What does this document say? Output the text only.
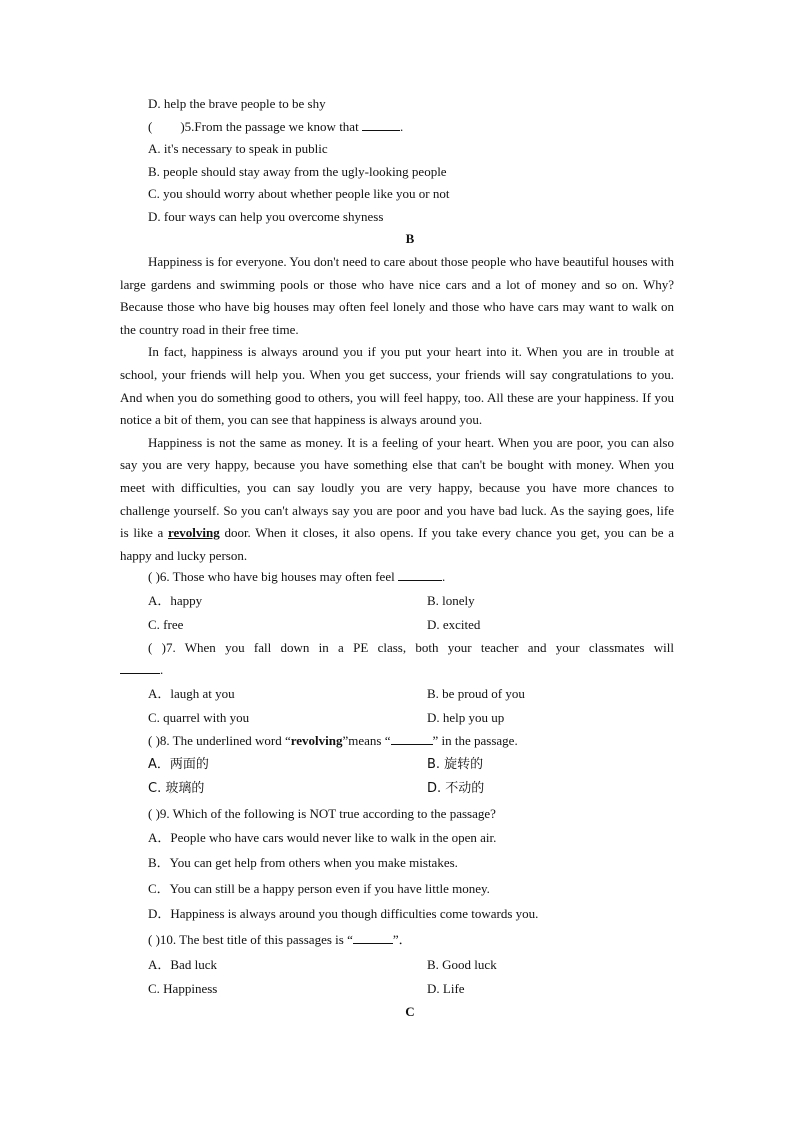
D. help the brave people to be shy
( )5.From the passage we know that	.
A. it's necessary to speak in public
B. people should stay away from the ugly-looking people
C. you should worry about whether people like you or not
D. four ways can help you overcome shyness
B

Happiness is for everyone. You don't need to care about those people who have beautiful houses with large gardens and swimming pools or those who have nice cars and a lot of money and so on. Why? Because those who have big houses may often feel lonely and those who have cars may want to walk on the country road in their free time.

In fact, happiness is always around you if you put your heart into it. When you are in trouble at school, your friends will help you. When you get success, your friends will say congratulations to you. And when you do something good to others, you will feel happy, too. All these are your happiness. If you notice a bit of them, you can see that happiness is always around you.

Happiness is not the same as money. It is a feeling of your heart. When you are poor, you can also say you are very happy, because you have something else that can't be bought with money. When you meet with difficulties, you can say loudly you are very happy, because you have more chances to challenge yourself. So you can't always say you are poor and you have bad luck. As the saying goes, life is like a revolving door. When it closes, it also opens. If you take every chance you get, you can be a happy and lucky person.

( )6. Those who have big houses may often feel	.
A．happy	B. lonely
C. free	D. excited
( )7. When you fall down in a PE class, both your teacher and your classmates will
.
A．laugh at you	B. be proud of you
C. quarrel with you	D. help you up
( )8. The underlined word “revolving”means “	” in the passage.
A．两面的	B. 旋转的
C. 玻璃的	D. 不动的
( )9. Which of the following is NOT true according to the passage?
A．People who have cars would never like to walk in the open air.
B．You can get help from others when you make mistakes.
C．You can still be a happy person even if you have little money.
D．Happiness is always around you though difficulties come towards you.
( )10. The best title of this passages is “	”．
A．Bad luck	B. Good luck
C. Happiness	D. Life
C
